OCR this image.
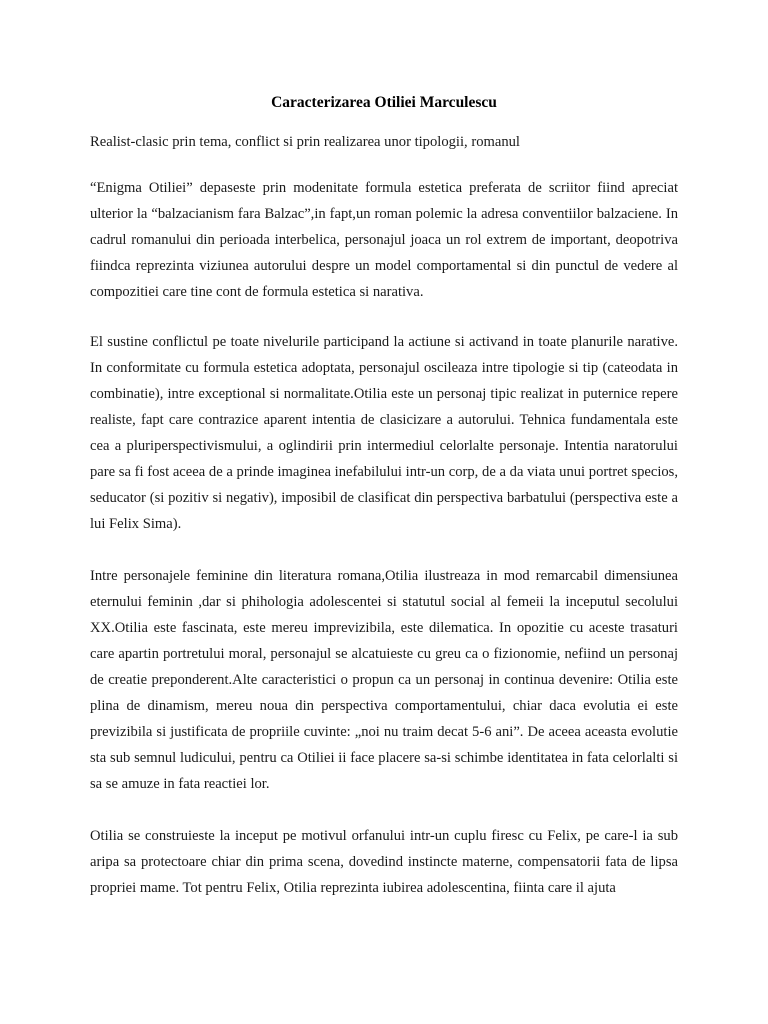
Caracterizarea Otiliei Marculescu

Realist-clasic prin tema, conflict si prin realizarea unor tipologii, romanul

“Enigma Otiliei” depaseste prin modenitate formula estetica preferata de scriitor fiind apreciat ulterior la “balzacianism fara Balzac”,in fapt,un roman polemic la adresa conventiilor balzaciene. In cadrul romanului din perioada interbelica, personajul joaca un rol extrem de important, deopotriva fiindca reprezinta viziunea autorului despre un model comportamental si din punctul de vedere al compozitiei care tine cont de formula estetica si narativa.

El sustine conflictul pe toate nivelurile participand la actiune si activand in toate planurile narative. In conformitate cu formula estetica adoptata, personajul oscileaza intre tipologie si tip (cateodata in combinatie), intre exceptional si normalitate.Otilia este un personaj tipic realizat in puternice repere realiste, fapt care contrazice aparent intentia de clasicizare a autorului. Tehnica fundamentala este cea a pluriperspectivismului, a oglindirii prin intermediul celorlalte personaje. Intentia naratorului pare sa fi fost aceea de a prinde imaginea inefabilului intr-un corp, de a da viata unui portret specios, seducator (si pozitiv si negativ), imposibil de clasificat din perspectiva barbatului (perspectiva este a lui Felix Sima).

Intre personajele feminine din literatura romana,Otilia ilustreaza in mod remarcabil dimensiunea eternului feminin ,dar si phihologia adolescentei si statutul social al femeii la inceputul secolului XX.Otilia este fascinata, este mereu imprevizibila, este dilematica. In opozitie cu aceste trasaturi care apartin portretului moral, personajul se alcatuieste cu greu ca o fizionomie, nefiind un personaj de creatie preponderent.Alte caracteristici o propun ca un personaj in continua devenire: Otilia este plina de dinamism, mereu noua din perspectiva comportamentului, chiar daca evolutia ei este previzibila si justificata de propriile cuvinte: „noi nu traim decat 5-6 ani”. De aceea aceasta evolutie sta sub semnul ludicului, pentru ca Otiliei ii face placere sa-si schimbe identitatea in fata celorlalti si sa se amuze in fata reactiei lor.

Otilia se construieste la inceput pe motivul orfanului intr-un cuplu firesc cu Felix, pe care-l ia sub aripa sa protectoare chiar din prima scena, dovedind instincte materne, compensatorii fata de lipsa propriei mame. Tot pentru Felix, Otilia reprezinta iubirea adolescentina, fiinta care il ajuta
